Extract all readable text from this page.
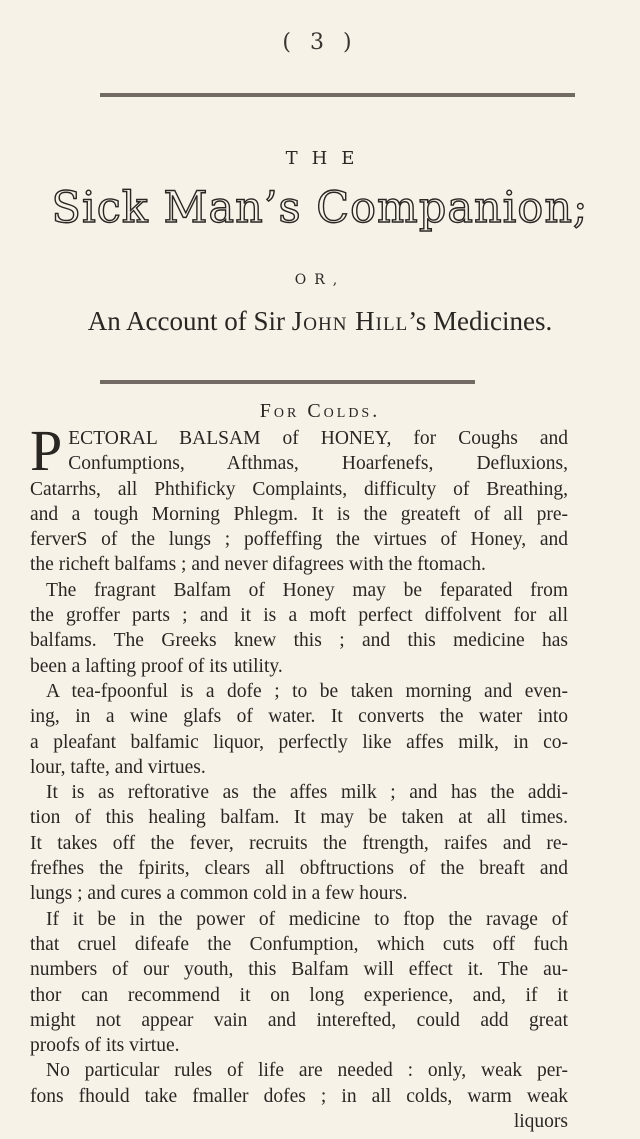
( 3 )
THE
Sick Man’s Companion;
OR,
An Account of Sir John Hill’s Medicines.
For Colds.
P ECTORAL BALSAM of HONEY, for Coughs and
Confumptions, Afthmas, Hoarfenefs, Defluxions,
Catarrhs, all Phthificky Complaints, difficulty of Breathing,
and a tough Morning Phlegm. It is the greateft of all pre-
ferverS of the lungs ; poffeffing the virtues of Honey, and
the richeft balfams ; and never difagrees with the ftomach.
The fragrant Balfam of Honey may be feparated from
the groffer parts ; and it is a moft perfect diffolvent for all
balfams. The Greeks knew this ; and this medicine has
been a lafting proof of its utility.
A tea-fpoonful is a dofe ; to be taken morning and even-
ing, in a wine glafs of water. It converts the water into
a pleafant balfamic liquor, perfectly like affes milk, in co-
lour, tafte, and virtues.
It is as reftorative as the affes milk ; and has the addi-
tion of this healing balfam. It may be taken at all times.
It takes off the fever, recruits the ftrength, raifes and re-
frefhes the fpirits, clears all obftructions of the breaft and
lungs ; and cures a common cold in a few hours.
If it be in the power of medicine to ftop the ravage of
that cruel difeafe the Confumption, which cuts off fuch
numbers of our youth, this Balfam will effect it. The au-
thor can recommend it on long experience, and, if it
might not appear vain and interefted, could add great
proofs of its virtue.
No particular rules of life are needed : only, weak per-
fons fhould take fmaller dofes ; in all colds, warm weak
liquors
